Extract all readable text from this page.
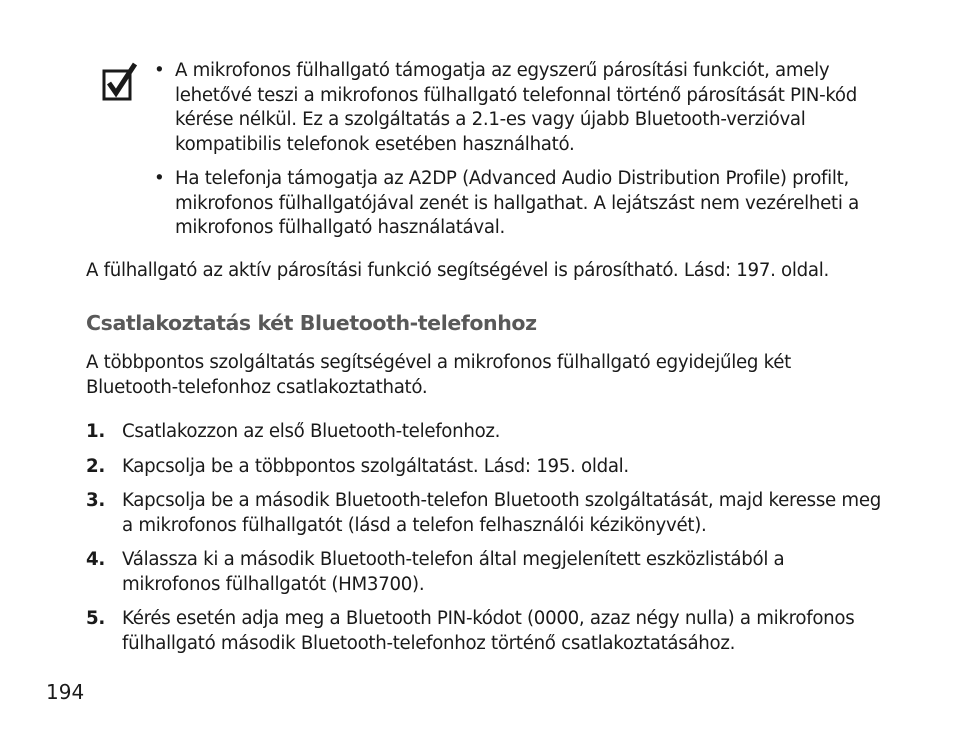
• A mikrofonos fülhallgató támogatja az egyszerű párosítási funkciót, amely lehetővé teszi a mikrofonos fülhallgató telefonnal történő párosítását PIN-kód kérése nélkül. Ez a szolgáltatás a 2.1-es vagy újabb Bluetooth-verzióval kompatibilis telefonok esetében használható.
• Ha telefonja támogatja az A2DP (Advanced Audio Distribution Profile) profilt, mikrofonos fülhallgatójával zenét is hallgathat. A lejátszást nem vezérelheti a mikrofonos fülhallgató használatával.

A fülhallgató az aktív párosítási funkció segítségével is párosítható. Lásd: 197. oldal.

Csatlakoztatás két Bluetooth-telefonhoz

A többpontos szolgáltatás segítségével a mikrofonos fülhallgató egyidejűleg két Bluetooth-telefonhoz csatlakoztatható.

1. Csatlakozzon az első Bluetooth-telefonhoz.
2. Kapcsolja be a többpontos szolgáltatást. Lásd: 195. oldal.
3. Kapcsolja be a második Bluetooth-telefon Bluetooth szolgáltatását, majd keresse meg a mikrofonos fülhallgatót (lásd a telefon felhasználói kézikönyvét).
4. Válassza ki a második Bluetooth-telefon által megjelenített eszközlistából a mikrofonos fülhallgatót (HM3700).
5. Kérés esetén adja meg a Bluetooth PIN-kódot (0000, azaz négy nulla) a mikrofonos fülhallgató második Bluetooth-telefonhoz történő csatlakoztatásához.
194
